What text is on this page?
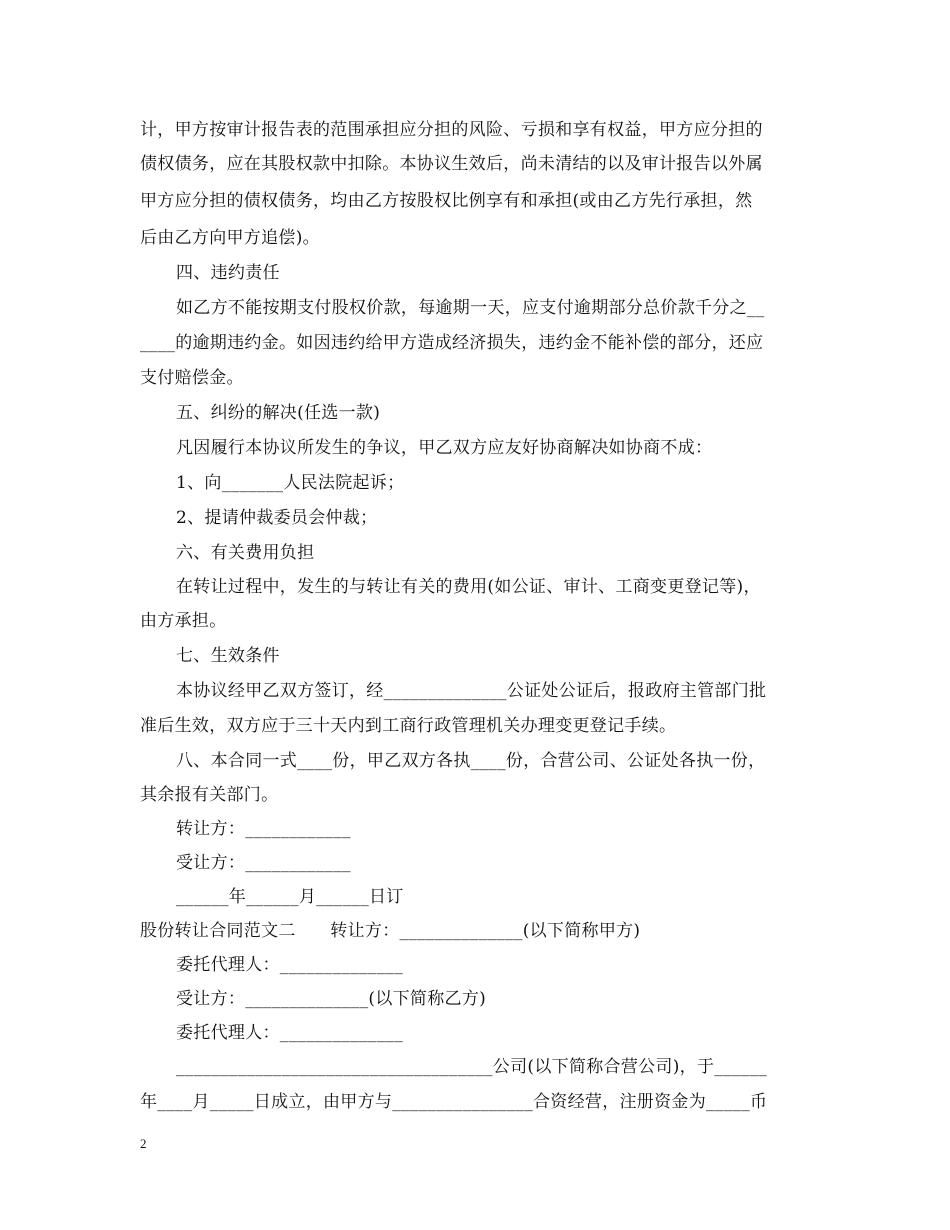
计，甲方按审计报告表的范围承担应分担的风险、亏损和享有权益，甲方应分担的
债权债务，应在其股权款中扣除。本协议生效后，尚未清结的以及审计报告以外属
甲方应分担的债权债务，均由乙方按股权比例享有和承担(或由乙方先行承担，然
后由乙方向甲方追偿)。
四、违约责任
如乙方不能按期支付股权价款，每逾期一天，应支付逾期部分总价款千分之__
____的逾期违约金。如因违约给甲方造成经济损失，违约金不能补偿的部分，还应
支付赔偿金。
五、纠纷的解决(任选一款)
凡因履行本协议所发生的争议，甲乙双方应友好协商解决如协商不成：
1、向_______人民法院起诉；
2、提请仲裁委员会仲裁；
六、有关费用负担
在转让过程中，发生的与转让有关的费用(如公证、审计、工商变更登记等)，
由方承担。
七、生效条件
本协议经甲乙双方签订，经______________公证处公证后，报政府主管部门批
准后生效，双方应于三十天内到工商行政管理机关办理变更登记手续。
八、本合同一式____份，甲乙双方各执____份，合营公司、公证处各执一份，
其余报有关部门。
转让方：____________
受让方：____________
______年______月______日订
股份转让合同范文二　　转让方：______________(以下简称甲方)
委托代理人：______________
受让方：______________(以下简称乙方)
委托代理人：______________
____________________________________公司(以下简称合营公司)，于______
年____月_____日成立，由甲方与________________合资经营，注册资金为_____币
2
